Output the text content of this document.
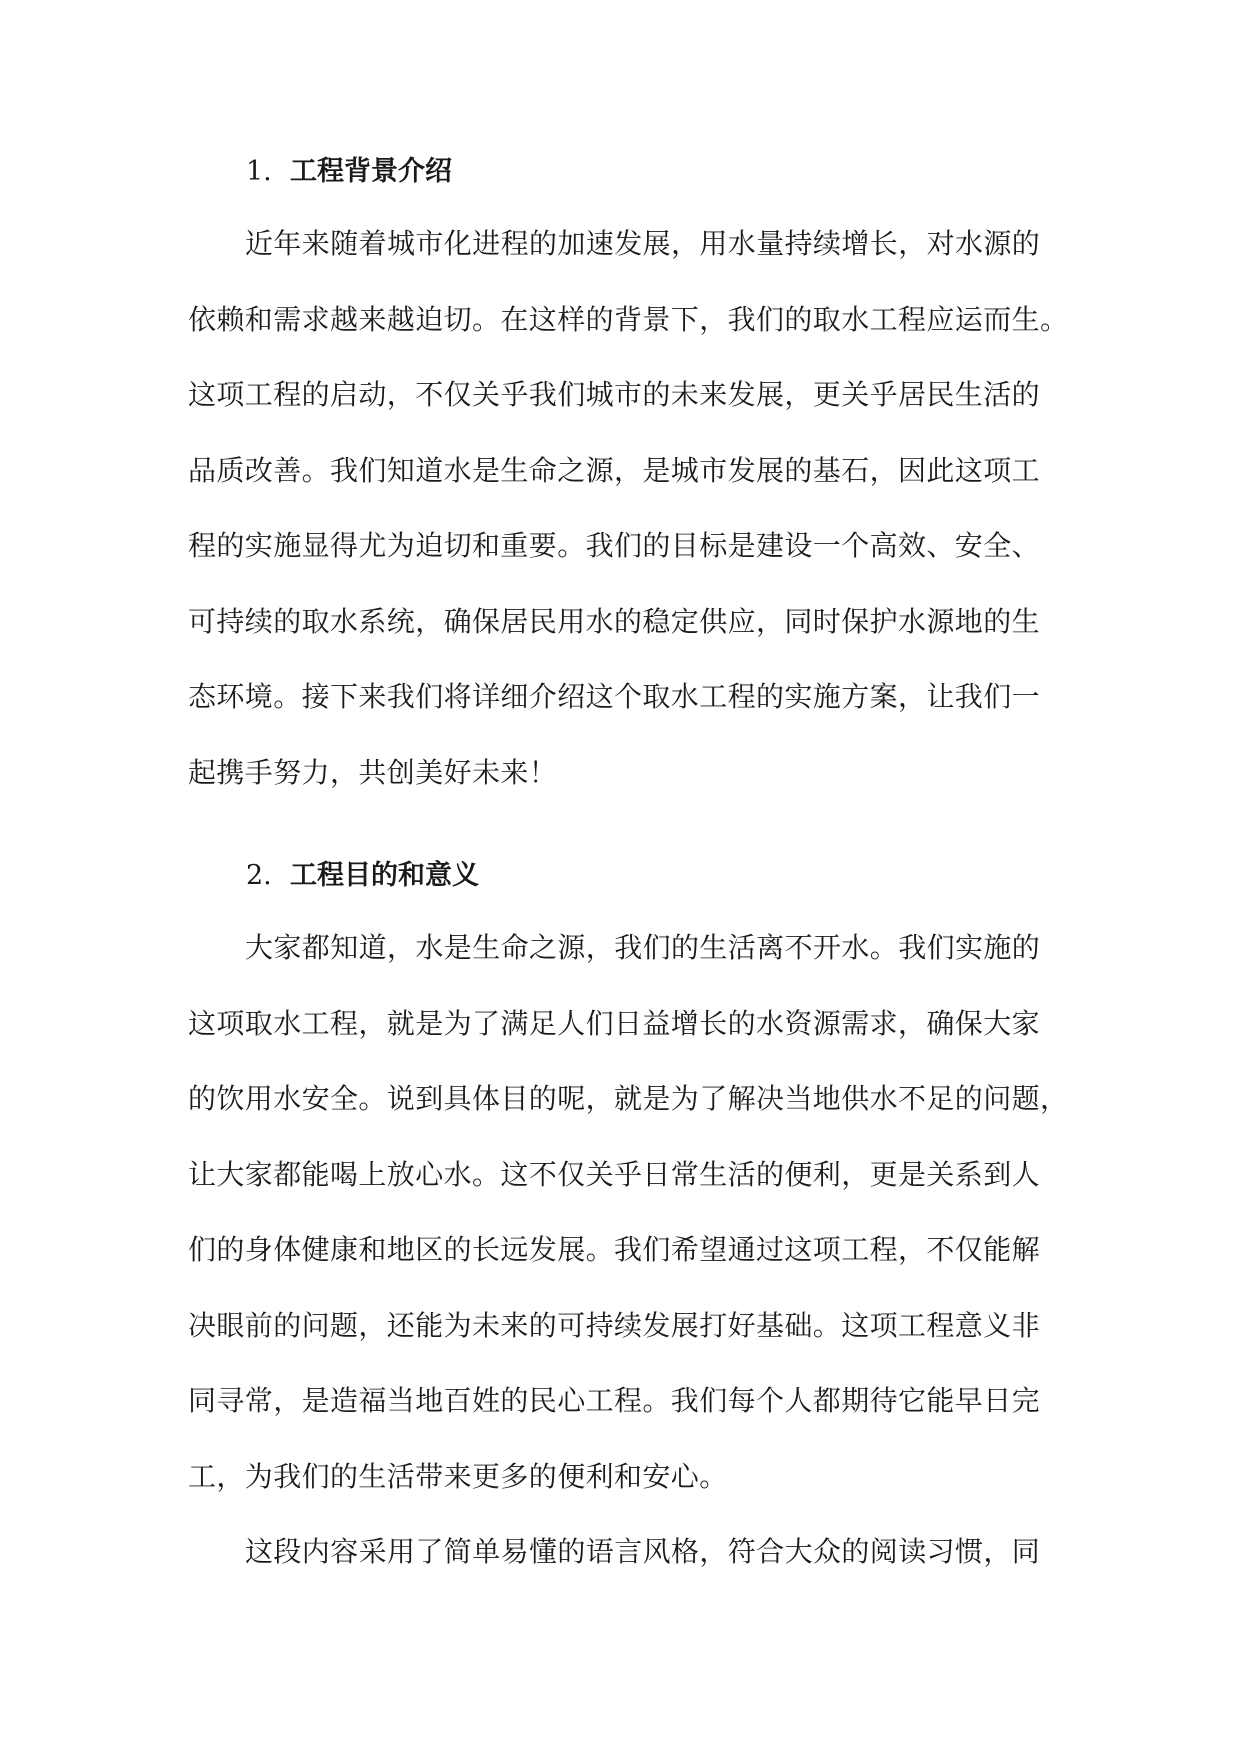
1. 工程背景介绍

近年来随着城市化进程的加速发展，用水量持续增长，对水源的
依赖和需求越来越迫切。在这样的背景下，我们的取水工程应运而生。
这项工程的启动，不仅关乎我们城市的未来发展，更关乎居民生活的
品质改善。我们知道水是生命之源，是城市发展的基石，因此这项工
程的实施显得尤为迫切和重要。我们的目标是建设一个高效、安全、
可持续的取水系统，确保居民用水的稳定供应，同时保护水源地的生
态环境。接下来我们将详细介绍这个取水工程的实施方案，让我们一
起携手努力，共创美好未来！

2. 工程目的和意义

大家都知道，水是生命之源，我们的生活离不开水。我们实施的
这项取水工程，就是为了满足人们日益增长的水资源需求，确保大家
的饮用水安全。说到具体目的呢，就是为了解决当地供水不足的问题，
让大家都能喝上放心水。这不仅关乎日常生活的便利，更是关系到人
们的身体健康和地区的长远发展。我们希望通过这项工程，不仅能解
决眼前的问题，还能为未来的可持续发展打好基础。这项工程意义非
同寻常，是造福当地百姓的民心工程。我们每个人都期待它能早日完
工，为我们的生活带来更多的便利和安心。

这段内容采用了简单易懂的语言风格，符合大众的阅读习惯，同
